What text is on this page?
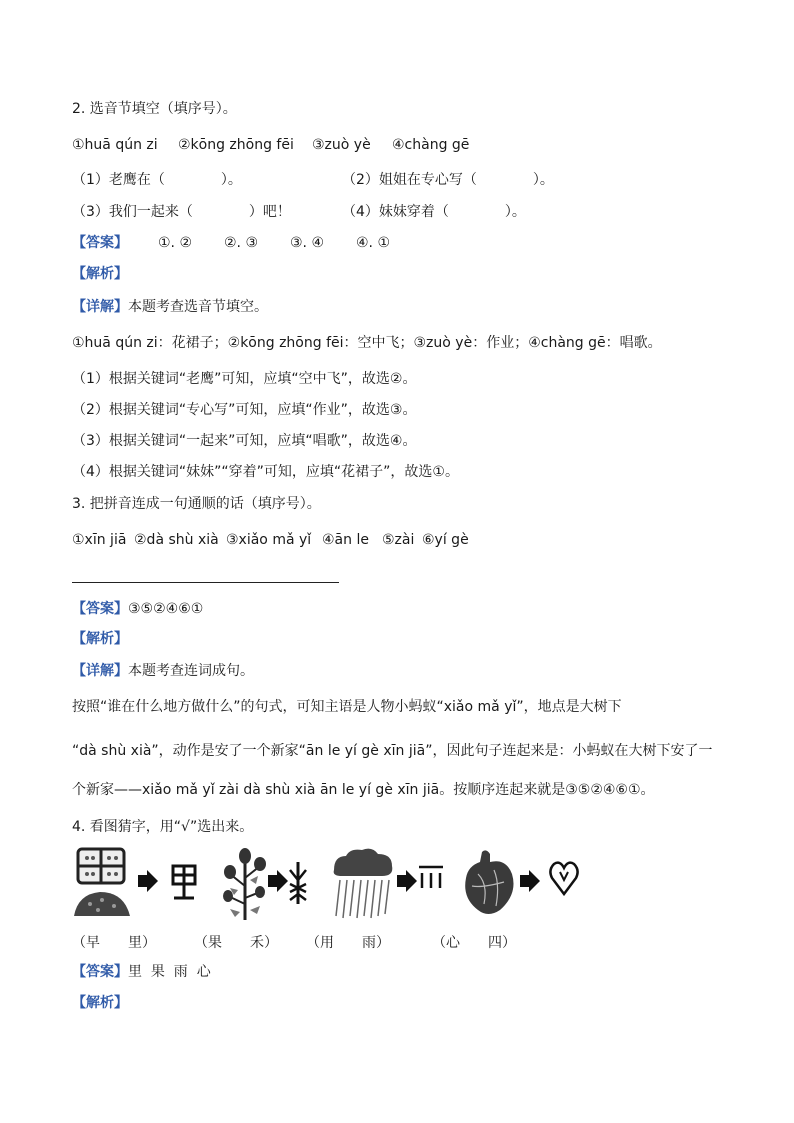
2. 选音节填空（填序号）。
①huā qún zi ②kōng zhōng fēi ③zuò yè ④chàng gē
（1）老鹰在（　　　　）。	（2）姐姐在专心写（　　　　）。
（3）我们一起来（　　　　）吧！	（4）妹妹穿着（　　　　）。
【答案】 ①. ② ②. ③ ③. ④ ④. ①
【解析】
【详解】本题考查选音节填空。
①huā qún zi：花裙子；②kōng zhōng fēi：空中飞；③zuò yè：作业；④chàng gē：唱歌。
（1）根据关键词“老鹰”可知，应填“空中飞”，故选②。
（2）根据关键词“专心写”可知，应填“作业”，故选③。
（3）根据关键词“一起来”可知，应填“唱歌”，故选④。
（4）根据关键词“妹妹”“穿着”可知，应填“花裙子”，故选①。
3. 把拼音连成一句通顺的话（填序号）。
①xīn jiā ②dà shù xià ③xiǎo mǎ yǐ ④ān le ⑤zài ⑥yí gè
【答案】③⑤②④⑥①
【解析】
【详解】本题考查连词成句。
按照“谁在什么地方做什么”的句式，可知主语是人物小蚂蚁“xiǎo mǎ yǐ”，地点是大树下
“dà shù xià”，动作是安了一个新家“ān le yí gè xīn jiā”，因此句子连起来是：小蚂蚁在大树下安了一
个新家——xiǎo mǎ yǐ zài dà shù xià ān le yí gè xīn jiā。按顺序连起来就是③⑤②④⑥①。
4. 看图猜字，用“√”选出来。
（早　　里）	（果　　禾） （用　　雨）	（心　　四）
【答案】里  果  雨  心
【解析】
